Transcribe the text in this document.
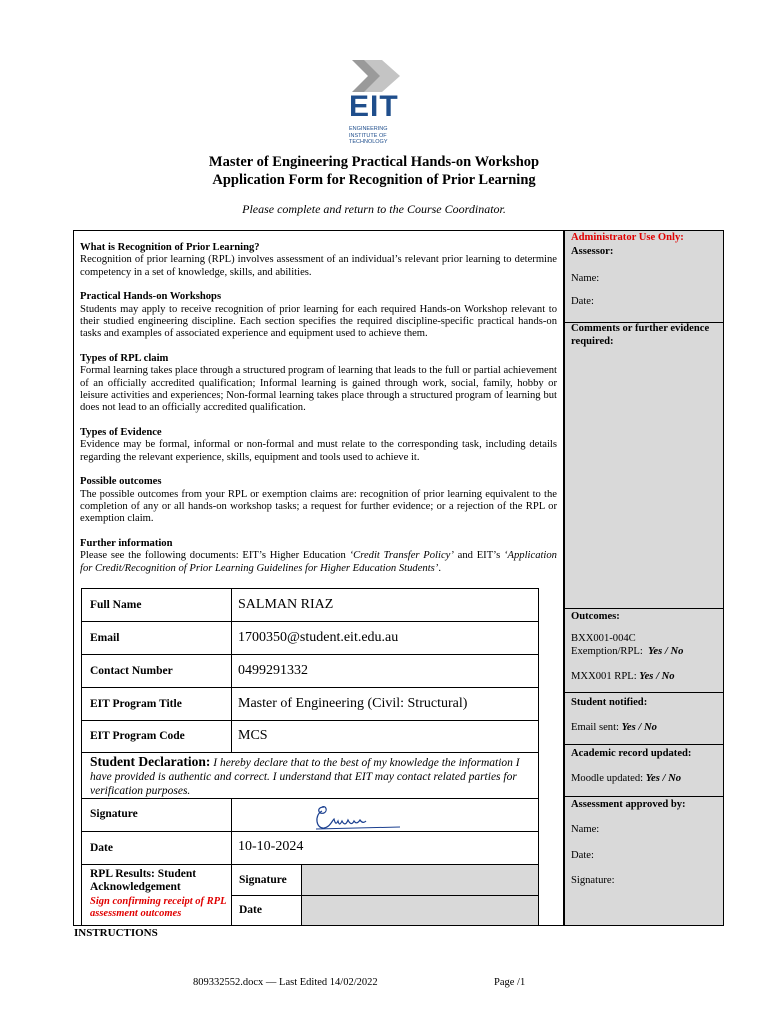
EIT
ENGINEERING
INSTITUTE OF
TECHNOLOGY
Master of Engineering Practical Hands-on Workshop
Application Form for Recognition of Prior Learning
Please complete and return to the Course Coordinator.

What is Recognition of Prior Learning?
Recognition of prior learning (RPL) involves assessment of an individual’s relevant prior learning to determine competency in a set of knowledge, skills, and abilities.

Practical Hands-on Workshops
Students may apply to receive recognition of prior learning for each required Hands-on Workshop relevant to their studied engineering discipline. Each section specifies the required discipline-specific practical hands-on tasks and examples of associated experience and equipment used to achieve them.

Types of RPL claim
Formal learning takes place through a structured program of learning that leads to the full or partial achievement of an officially accredited qualification; Informal learning is gained through work, social, family, hobby or leisure activities and experiences; Non-formal learning takes place through a structured program of learning but does not lead to an officially accredited qualification.

Types of Evidence
Evidence may be formal, informal or non-formal and must relate to the corresponding task, including details regarding the relevant experience, skills, equipment and tools used to achieve it.

Possible outcomes
The possible outcomes from your RPL or exemption claims are: recognition of prior learning equivalent to the completion of any or all hands-on workshop tasks; a request for further evidence; or a rejection of the RPL or exemption claim.

Further information
Please see the following documents: EIT’s Higher Education ‘Credit Transfer Policy’ and EIT’s ‘Application for Credit/Recognition of Prior Learning Guidelines for Higher Education Students’.

Administrator Use Only:
Assessor:
Name:
Date:
Comments or further evidence required:
Outcomes:
BXX001-004C
Exemption/RPL: Yes / No
MXX001 RPL: Yes / No
Student notified:
Email sent: Yes / No
Academic record updated:
Moodle updated: Yes / No
Assessment approved by:
Name:
Date:
Signature:
Full Name	SALMAN RIAZ
Email	1700350@student.eit.edu.au
Contact Number	0499291332
EIT Program Title	Master of Engineering (Civil: Structural)
EIT Program Code	MCS
Student Declaration: I hereby declare that to the best of my knowledge the information I have provided is authentic and correct. I understand that EIT may contact related parties for verification purposes.
Signature
Date	10-10-2024
RPL Results: Student Acknowledgement
Sign confirming receipt of RPL assessment outcomes
Signature
Date
INSTRUCTIONS
809332552.docx — Last Edited 14/02/2022	Page /1
